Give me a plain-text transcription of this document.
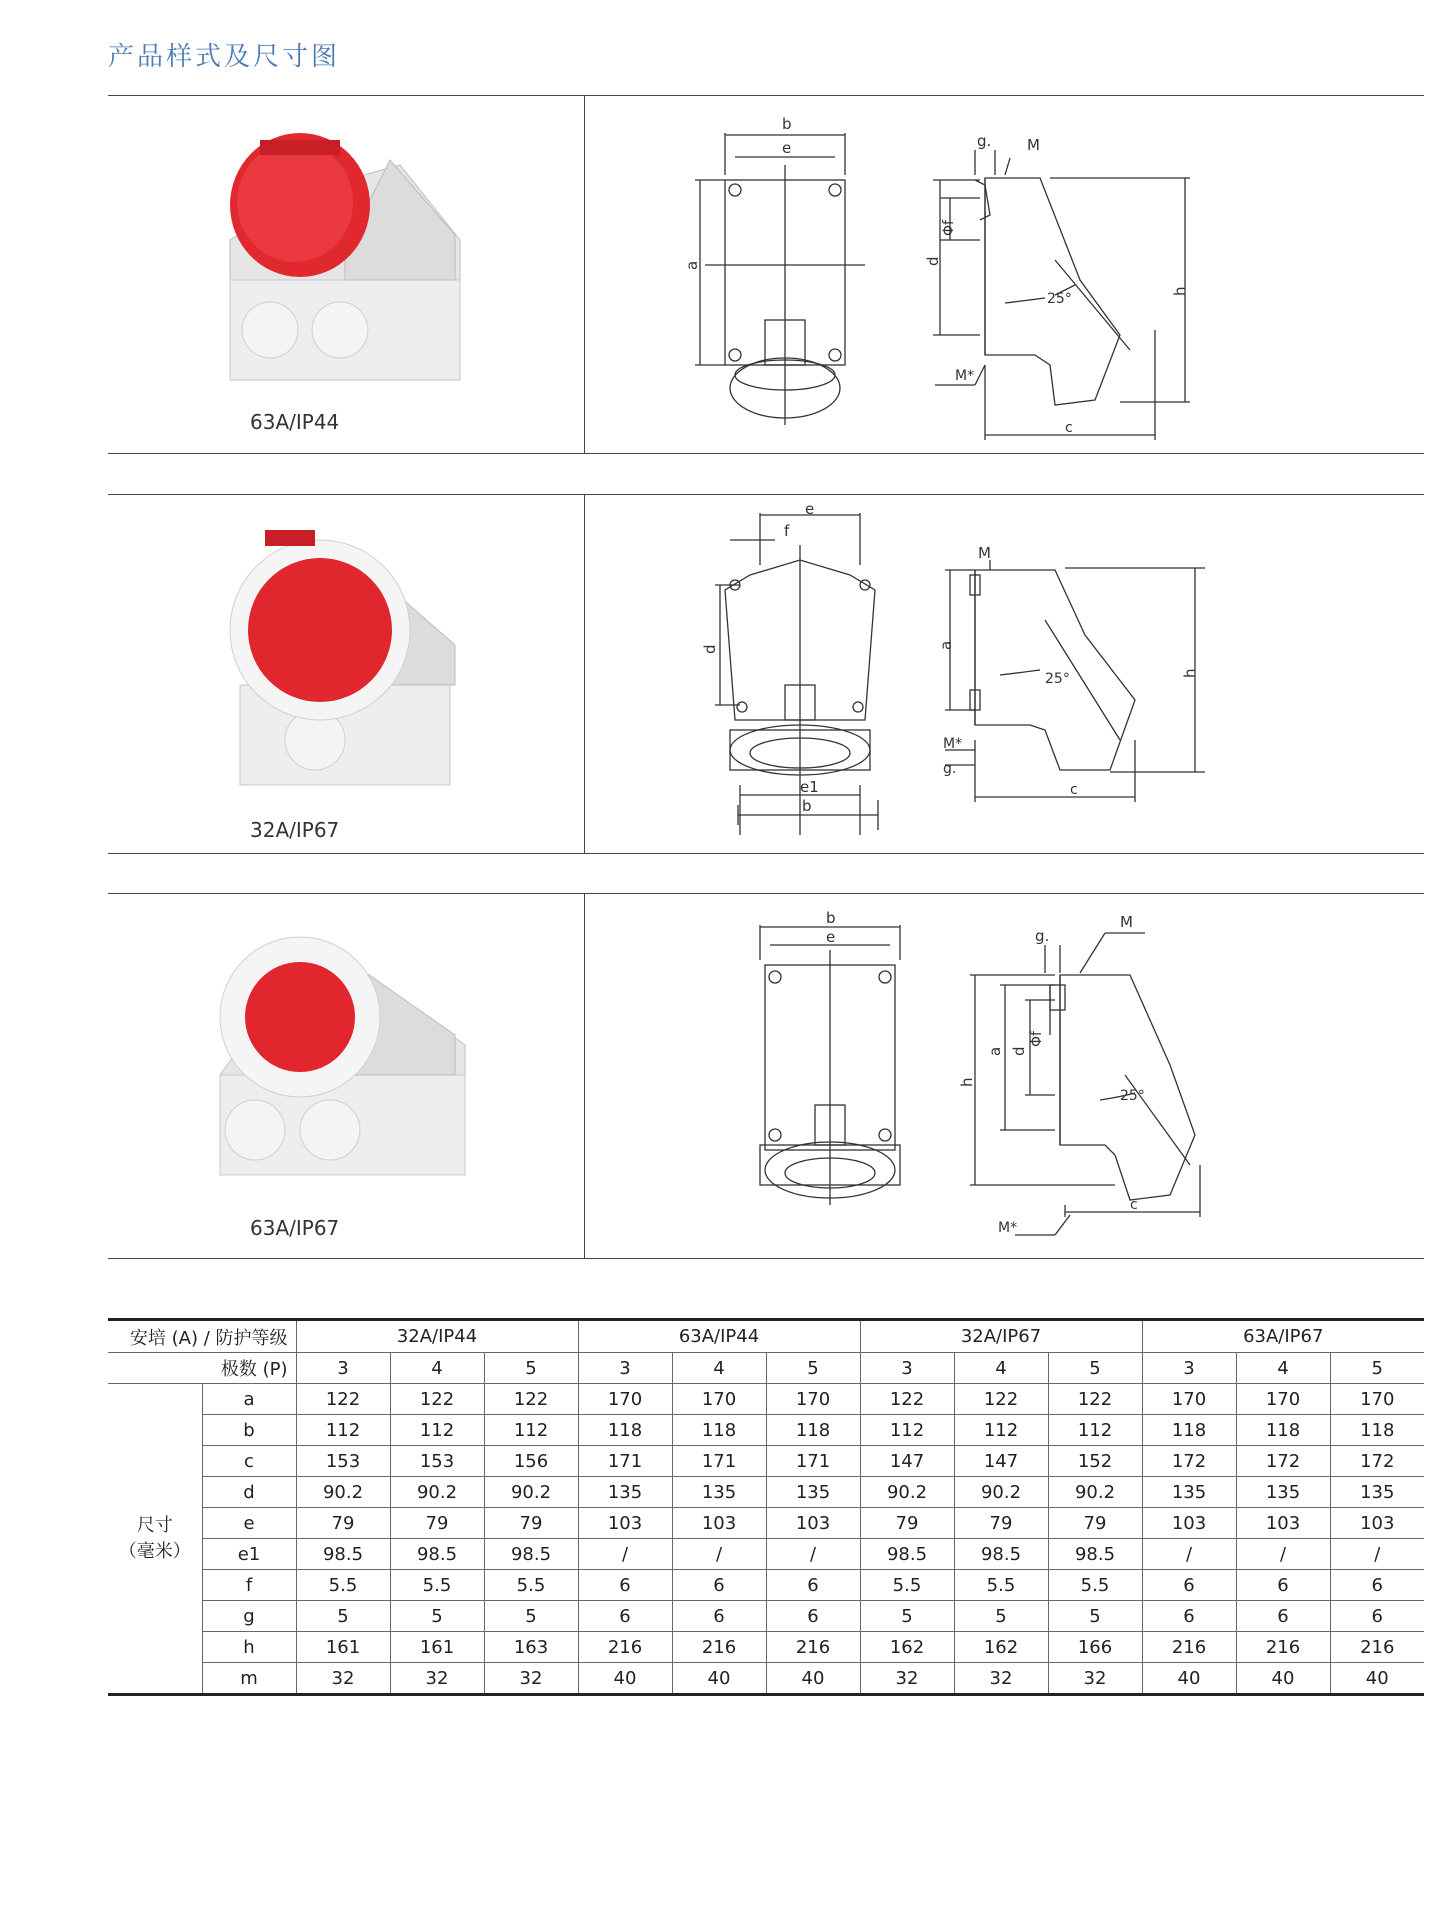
产品样式及尺寸图
63A/IP44
b
e
a
g. M
Φf
d
25°	h
M*
c
32A/IP67
e
f
d
e1
b
M
a
25°	h
M*
g.
c
63A/IP67
b
e
M
g.
Φf
h
a d
25°
c
M*
安培 (A) / 防护等级		32A/IP44			63A/IP44			32A/IP67			63A/IP67		
极数 (P)		3	4	5	3	4	5	3	4	5	3	4	5

尺寸
（毫米）	a	122	122	122	170	170	170	122	122	122	170	170	170
	b	112	112	112	118	118	118	112	112	112	118	118	118
	c	153	153	156	171	171	171	147	147	152	172	172	172
	d	90.2	90.2	90.2	135	135	135	90.2	90.2	90.2	135	135	135
	e	79	79	79	103	103	103	79	79	79	103	103	103
	e1	98.5	98.5	98.5	/	/	/	98.5	98.5	98.5	/	/	/
	f	5.5	5.5	5.5	6	6	6	5.5	5.5	5.5	6	6	6
	g	5	5	5	6	6	6	5	5	5	6	6	6
	h	161	161	163	216	216	216	162	162	166	216	216	216
	m	32	32	32	40	40	40	32	32	32	40	40	40
